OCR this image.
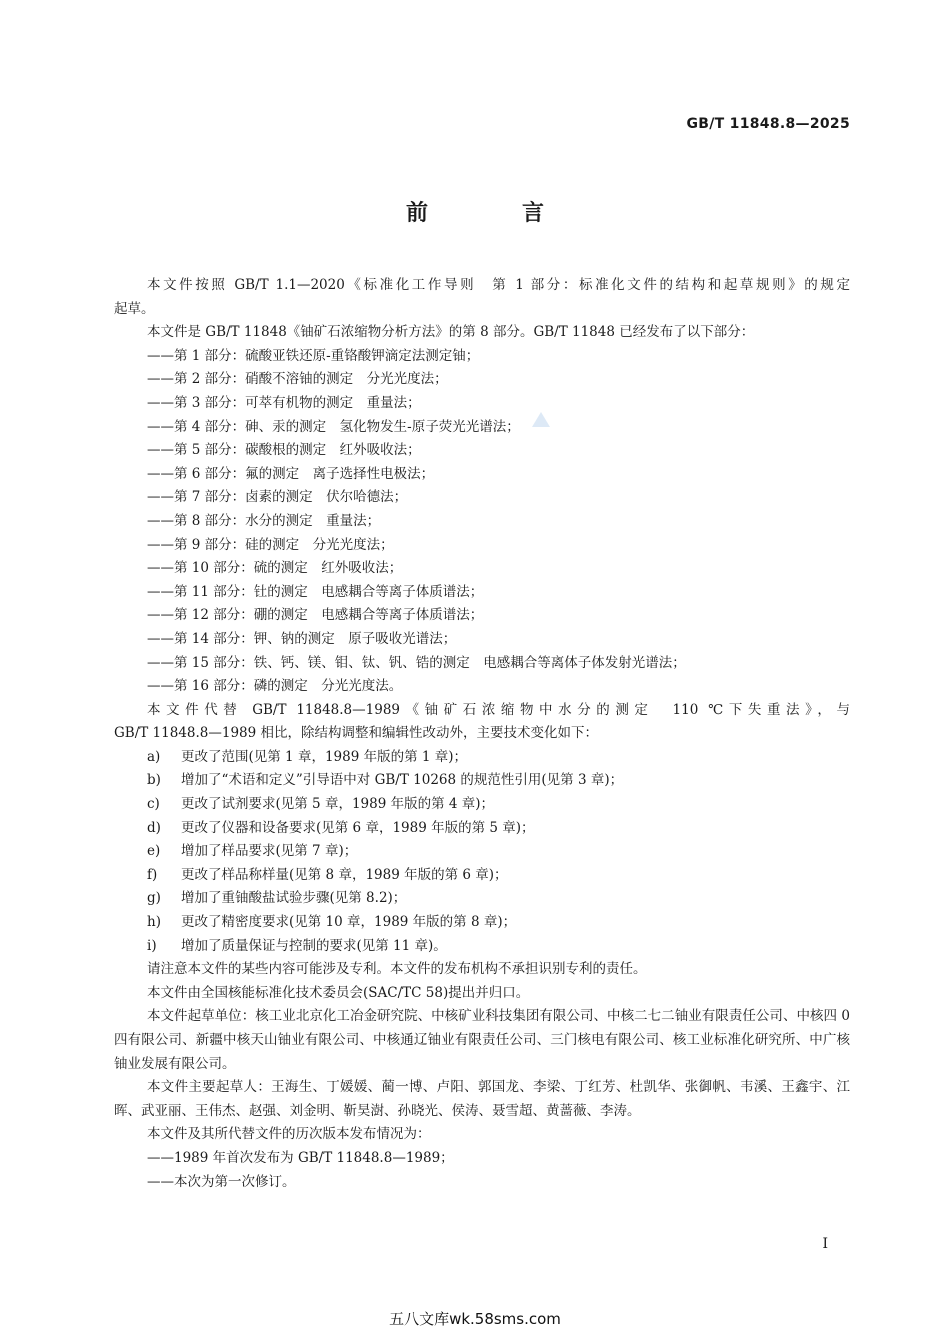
GB/T 11848.8—2025
前　言

本文件按照 GB/T 1.1—2020《标准化工作导则　第 1 部分：标准化文件的结构和起草规则》的规定

起草。

本文件是 GB/T 11848《铀矿石浓缩物分析方法》的第 8 部分。GB/T 11848 已经发布了以下部分：

——第 1 部分：硫酸亚铁还原-重铬酸钾滴定法测定铀；

——第 2 部分：硝酸不溶铀的测定　分光光度法；

——第 3 部分：可萃有机物的测定　重量法；

——第 4 部分：砷、汞的测定　氢化物发生-原子荧光光谱法；

——第 5 部分：碳酸根的测定　红外吸收法；

——第 6 部分：氟的测定　离子选择性电极法；

——第 7 部分：卤素的测定　伏尔哈德法；

——第 8 部分：水分的测定　重量法；

——第 9 部分：硅的测定　分光光度法；

——第 10 部分：硫的测定　红外吸收法；

——第 11 部分：钍的测定　电感耦合等离子体质谱法；

——第 12 部分：硼的测定　电感耦合等离子体质谱法；

——第 14 部分：钾、钠的测定　原子吸收光谱法；

——第 15 部分：铁、钙、镁、钼、钛、钒、锆的测定　电感耦合等离体子体发射光谱法；

——第 16 部分：磷的测定　分光光度法。

本文件代替 GB/T 11848.8—1989《铀矿石浓缩物中水分的测定　110 ℃下失重法》，与

GB/T 11848.8—1989 相比，除结构调整和编辑性改动外，主要技术变化如下：

a) 更改了范围(见第 1 章，1989 年版的第 1 章)；

b) 增加了“术语和定义”引导语中对 GB/T 10268 的规范性引用(见第 3 章)；

c) 更改了试剂要求(见第 5 章，1989 年版的第 4 章)；

d) 更改了仪器和设备要求(见第 6 章，1989 年版的第 5 章)；

e) 增加了样品要求(见第 7 章)；

f) 更改了样品称样量(见第 8 章，1989 年版的第 6 章)；

g) 增加了重铀酸盐试验步骤(见第 8.2)；

h) 更改了精密度要求(见第 10 章，1989 年版的第 8 章)；

i) 增加了质量保证与控制的要求(见第 11 章)。

请注意本文件的某些内容可能涉及专利。本文件的发布机构不承担识别专利的责任。

本文件由全国核能标准化技术委员会(SAC/TC 58)提出并归口。

本文件起草单位：核工业北京化工冶金研究院、中核矿业科技集团有限公司、中核二七二铀业有限责任公司、中核四 0 四有限公司、新疆中核天山铀业有限公司、中核通辽铀业有限责任公司、三门核电有限公司、核工业标准化研究所、中广核铀业发展有限公司。

本文件主要起草人：王海生、丁媛媛、蔺一博、卢阳、郭国龙、李梁、丁红芳、杜凯华、张御帆、韦溪、王鑫宇、江晖、武亚丽、王伟杰、赵强、刘金明、靳昊澍、孙晓光、侯涛、聂雪超、黄蔷薇、李涛。

本文件及其所代替文件的历次版本发布情况为：

——1989 年首次发布为 GB/T 11848.8—1989；

——本次为第一次修订。

I
五八文库wk.58sms.com
